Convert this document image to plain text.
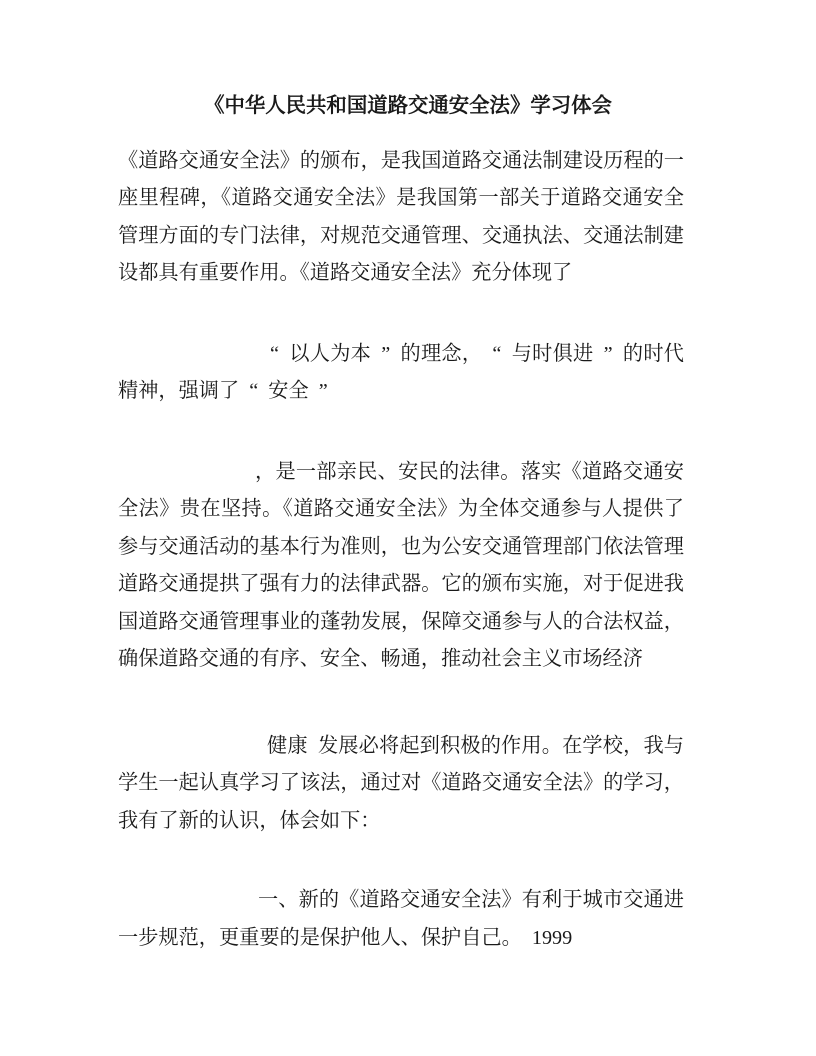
《中华人民共和国道路交通安全法》学习体会

《道路交通安全法》的颁布，是我国道路交通法制建设历程的一座里程碑，《道路交通安全法》是我国第一部关于道路交通安全管理方面的专门法律，对规范交通管理、交通执法、交通法制建设都具有重要作用。《道路交通安全法》充分体现了

“ 以人为本 ” 的理念， “ 与时俱进 ” 的时代精神，强调了 “ 安全 ”

，是一部亲民、安民的法律。落实《道路交通安全法》贵在坚持。《道路交通安全法》为全体交通参与人提供了参与交通活动的基本行为准则，也为公安交通管理部门依法管理道路交通提拱了强有力的法律武器。它的颁布实施，对于促进我国道路交通管理事业的蓬勃发展，保障交通参与人的合法权益，确保道路交通的有序、安全、畅通，推动社会主义市场经济

健康 发展必将起到积极的作用。在学校，我与学生一起认真学习了该法，通过对《道路交通安全法》的学习，我有了新的认识，体会如下：

一、新的《道路交通安全法》有利于城市交通进一步规范，更重要的是保护他人、保护自己。 1999
